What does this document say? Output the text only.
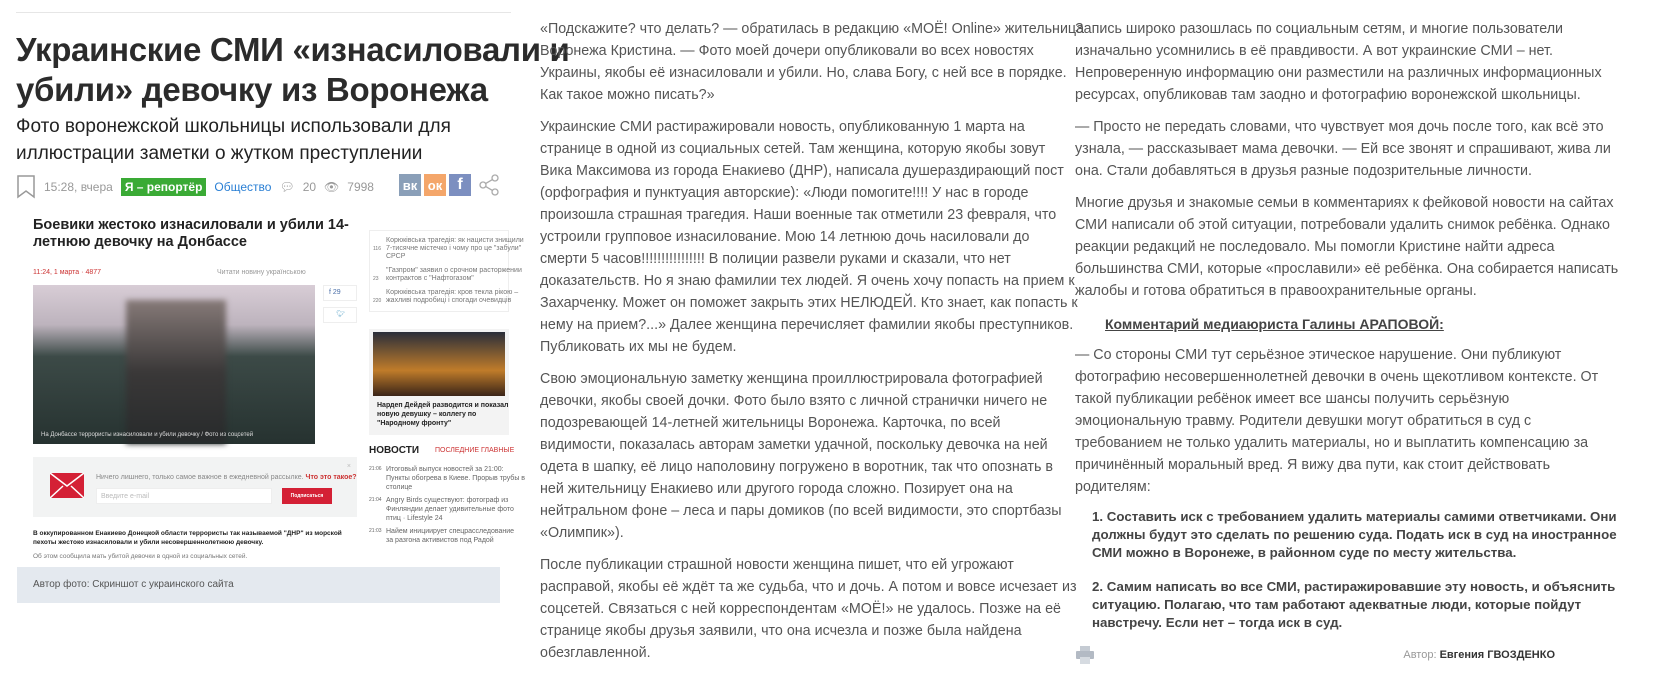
Украинские СМИ «изнасиловали и
убили» девочку из Воронежа
Фото воронежской школьницы использовали для
иллюстрации заметки о жутком преступлении
15:28, вчера	Я – репортёр	Общество 💬︎ 20 👁︎ 7998 вк ок f
Боевики жестоко изнасиловали и убили 14-
летнюю девочку на Донбассе
11:24, 1 марта · 4877	Читати новину українською
На Донбассе террористы изнасиловали и убили девочку / Фото из соцсетей
f 29
🐦︎
Корюківська трагедія: як нацисти знищили
7-тисячне містечко і чому про це "забули"
СРСР
116
"Газпром" заявил о срочном расторжении
контрактов с "Нафтогазом"
23
Корюківська трагедія: кров текла рікою –
жахливі подробиці і спогади очевидців
220
Нардеп Дейдей разводится и показал
новую девушку – коллегу по
"Народному фронту"
НОВОСТИ ПОСЛЕДНИЕ ГЛАВНЫЕ
21:06 Итоговый выпуск новостей за 21:00:
Пункты обогрева в Киеве. Прорыв трубы в
столице
21:04 Angry Birds существуют: фотограф из
Финляндии делает удивительные фото
птиц · Lifestyle 24
21:03 Найем инициирует спецрасследование
за разгона активистов под Радой
Ничего лишнего, только самое важное в ежедневной рассылке. Что это такое?
Введите e-mail	Подписаться
×
В оккупированном Енакиево Донецкой области террористы так называемой "ДНР" из морской
пехоты жестоко изнасиловали и убили несовершеннолетнюю девочку.
Об этом сообщила мать убитой девочки в одной из социальных сетей.
Автор фото: Скриншот с украинского сайта

«Подскажите? что делать? — обратилась в редакцию «МОЁ! Online» жительница
Воронежа Кристина. — Фото моей дочери опубликовали во всех новостях
Украины, якобы её изнасиловали и убили. Но, слава Богу, с ней все в порядке.
Как такое можно писать?»

Украинские СМИ растиражировали новость, опубликованную 1 марта на
странице в одной из социальных сетей. Там женщина, которую якобы зовут
Вика Максимова из города Енакиево (ДНР), написала душераздирающий пост
(орфография и пунктуация авторские): «Люди помогите!!!! У нас в городе
произошла страшная трагедия. Наши военные так отметили 23 февраля, что
устроили групповое изнасилование. Мою 14 летнюю дочь насиловали до
смерти 5 часов!!!!!!!!!!!!!!!! В полиции развели руками и сказали, что нет
доказательств. Но я знаю фамилии тех людей. Я очень хочу попасть на прием к
Захарченку. Может он поможет закрыть этих НЕЛЮДЕЙ. Кто знает, как попасть к
нему на прием?...» Далее женщина перечисляет фамилии якобы преступников.
Публиковать их мы не будем.

Свою эмоциональную заметку женщина проиллюстрировала фотографией
девочки, якобы своей дочки. Фото было взято с личной странички ничего не
подозревающей 14-летней жительницы Воронежа. Карточка, по всей
видимости, показалась авторам заметки удачной, поскольку девочка на ней
одета в шапку, её лицо наполовину погружено в воротник, так что опознать в
ней жительницу Енакиево или другого города сложно. Позирует она на
нейтральном фоне – леса и пары домиков (по всей видимости, это спортбазы
«Олимпик»).

После публикации страшной новости женщина пишет, что ей угрожают
расправой, якобы её ждёт та же судьба, что и дочь. А потом и вовсе исчезает из
соцсетей. Связаться с ней корреспондентам «МОЁ!» не удалось. Позже на её
странице якобы друзья заявили, что она исчезла и позже была найдена
обезглавленной.

Запись широко разошлась по социальным сетям, и многие пользователи
изначально усомнились в её правдивости. А вот украинские СМИ – нет.
Непроверенную информацию они разместили на различных информационных
ресурсах, опубликовав там заодно и фотографию воронежской школьницы.

— Просто не передать словами, что чувствует моя дочь после того, как всё это
узнала, — рассказывает мама девочки. — Ей все звонят и спрашивают, жива ли
она. Стали добавляться в друзья разные подозрительные личности.

Многие друзья и знакомые семьи в комментариях к фейковой новости на сайтах
СМИ написали об этой ситуации, потребовали удалить снимок ребёнка. Однако
реакции редакций не последовало. Мы помогли Кристине найти адреса
большинства СМИ, которые «прославили» её ребёнка. Она собирается написать
жалобы и готова обратиться в правоохранительные органы.

Комментарий медиаюриста Галины АРАПОВОЙ:

— Со стороны СМИ тут серьёзное этическое нарушение. Они публикуют
фотографию несовершеннолетней девочки в очень щекотливом контексте. От
такой публикации ребёнок имеет все шансы получить серьёзную
эмоциональную травму. Родители девушки могут обратиться в суд с
требованием не только удалить материалы, но и выплатить компенсацию за
причинённый моральный вред. Я вижу два пути, как стоит действовать
родителям:

1. Составить иск с требованием удалить материалы самими ответчиками. Они
должны будут это сделать по решению суда. Подать иск в суд на иностранное
СМИ можно в Воронеже, в районном суде по месту жительства.
2. Самим написать во все СМИ, растиражировавшие эту новость, и объяснить
ситуацию. Полагаю, что там работают адекватные люди, которые пойдут
навстречу. Если нет – тогда иск в суд.
Автор: Евгения ГВОЗДЕНКО
